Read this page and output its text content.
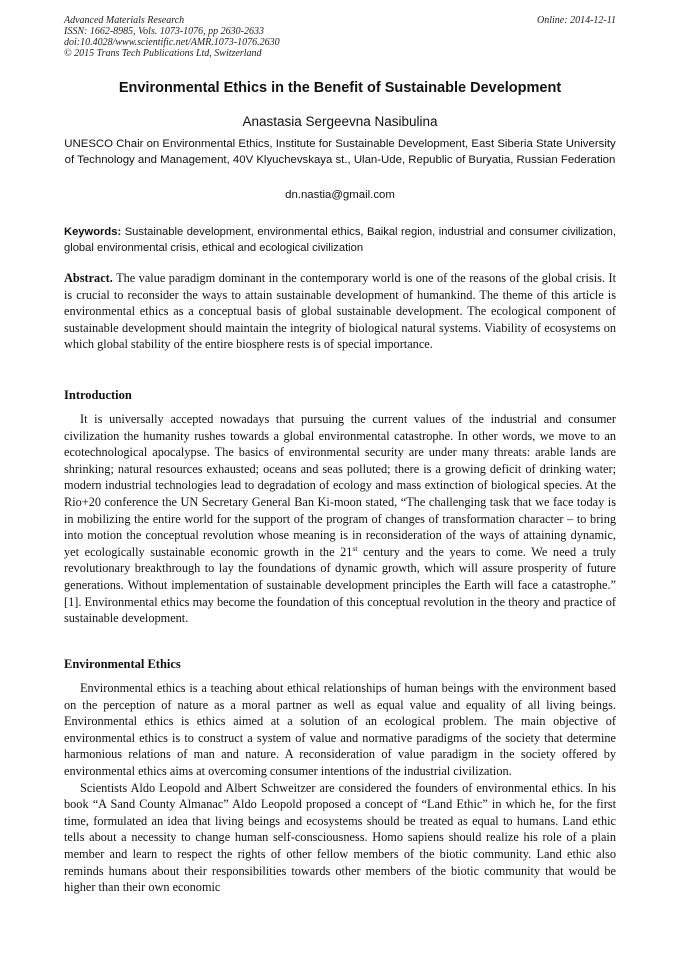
Advanced Materials Research
ISSN: 1662-8985, Vols. 1073-1076, pp 2630-2633
doi:10.4028/www.scientific.net/AMR.1073-1076.2630
© 2015 Trans Tech Publications Ltd, Switzerland
Online: 2014-12-11
Environmental Ethics in the Benefit of Sustainable Development
Anastasia Sergeevna Nasibulina
UNESCO Chair on Environmental Ethics, Institute for Sustainable Development, East Siberia State University of Technology and Management, 40V Klyuchevskaya st., Ulan-Ude, Republic of Buryatia, Russian Federation
dn.nastia@gmail.com
Keywords: Sustainable development, environmental ethics, Baikal region, industrial and consumer civilization, global environmental crisis, ethical and ecological civilization
Abstract. The value paradigm dominant in the contemporary world is one of the reasons of the global crisis. It is crucial to reconsider the ways to attain sustainable development of humankind. The theme of this article is environmental ethics as a conceptual basis of global sustainable development. The ecological component of sustainable development should maintain the integrity of biological natural systems. Viability of ecosystems on which global stability of the entire biosphere rests is of special importance.
Introduction

It is universally accepted nowadays that pursuing the current values of the industrial and consumer civilization the humanity rushes towards a global environmental catastrophe. In other words, we move to an ecotechnological apocalypse. The basics of environmental security are under many threats: arable lands are shrinking; natural resources exhausted; oceans and seas polluted; there is a growing deficit of drinking water; modern industrial technologies lead to degradation of ecology and mass extinction of biological species. At the Rio+20 conference the UN Secretary General Ban Ki-moon stated, “The challenging task that we face today is in mobilizing the entire world for the support of the program of changes of transformation character – to bring into motion the conceptual revolution whose meaning is in reconsideration of the ways of attaining dynamic, yet ecologically sustainable economic growth in the 21st century and the years to come. We need a truly revolutionary breakthrough to lay the foundations of dynamic growth, which will assure prosperity of future generations. Without implementation of sustainable development principles the Earth will face a catastrophe.” [1]. Environmental ethics may become the foundation of this conceptual revolution in the theory and practice of sustainable development.

Environmental Ethics

Environmental ethics is a teaching about ethical relationships of human beings with the environment based on the perception of nature as a moral partner as well as equal value and equality of all living beings. Environmental ethics is ethics aimed at a solution of an ecological problem. The main objective of environmental ethics is to construct a system of value and normative paradigms of the society that determine harmonious relations of man and nature. A reconsideration of value paradigm in the society offered by environmental ethics aims at overcoming consumer intentions of the industrial civilization.

Scientists Aldo Leopold and Albert Schweitzer are considered the founders of environmental ethics. In his book “A Sand County Almanac” Aldo Leopold proposed a concept of “Land Ethic” in which he, for the first time, formulated an idea that living beings and ecosystems should be treated as equal to humans. Land ethic tells about a necessity to change human self-consciousness. Homo sapiens should realize his role of a plain member and learn to respect the rights of other fellow members of the biotic community. Land ethic also reminds humans about their responsibilities towards other members of the biotic community that would be higher than their own economic
